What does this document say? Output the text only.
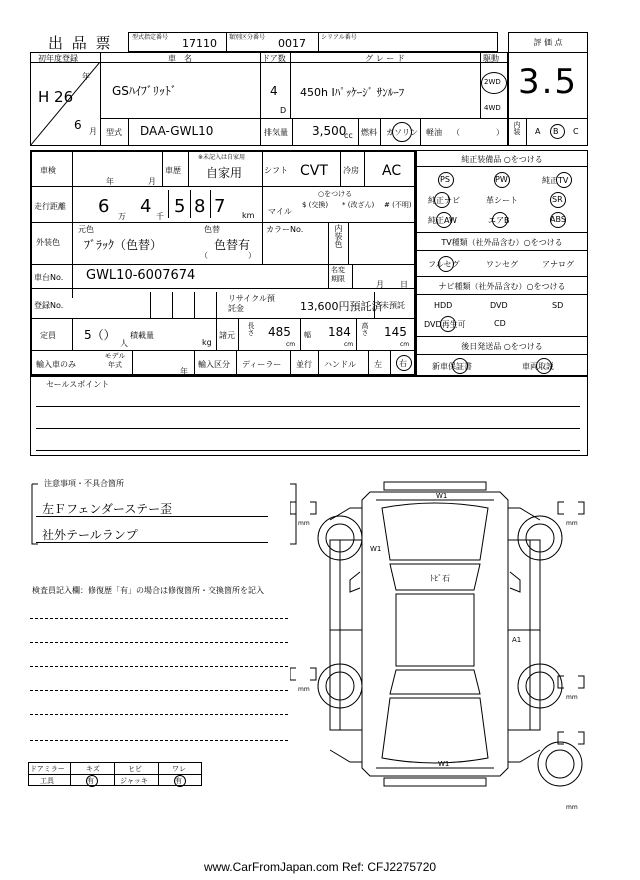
出 品 票	型式指定番号 17110 類別区分番号 0017	シリアル番号
評 価 点
3.5
内装 A B C
初年度登録
H 26
年
6 月
車　名
GSﾊｲﾌﾞﾘｯﾄﾞ
ドア数
4
D
グ レ ー ド
450h Iﾊﾟｯｹｰｼﾞ ｻﾝﾙｰﾌ
駆動
2WD
4WD
型式 DAA-GWL10	排気量 3,500
cc 燃料 ガソリン 軽油 （	）
車検
年	月
車歴
※未記入は自家用
自家用	シフト CVT 冷房 AC
走行距離 6 万 4 千 5 8 7 km マイル
○をつける
$ (交換)	* (改ざん)	# (不明)
外装色
元色
ﾌﾞﾗｯｸ（色替）
色替
色替有
（	）
カラーNo.	内装色
車台No. GWL10-6007674	名変期限
月 日
登録No.
リサイクル預託金	13,600円預託済
未預託
定員 5（）
人
積載量
kg
諸元 長さ 485
cm
幅 184
cm
高さ 145
cm
輸入車のみ
モデル年式
年
輸入区分 ディーラー 並行 ハンドル 左 右
セールスポイント
純正装備品 ○をつける
PS	PW	純正TV
純正ナビ	革シート	SR
純正AW	エアB	ABS
TV種類（社外品含む）○をつける
フルセグ	ワンセグ	アナログ
ナビ種類（社外品含む）○をつける
HDD	DVD	SD
DVD再生可	CD
後日発送品 ○をつける
新車保証書	車両取説
注意事項・不具合箇所
左Ｆフェンダーステー歪
社外テールランプ
検査員記入欄：修復歴「有」の場合は修復箇所・交換箇所を記入
W1
W1
ﾄﾋﾞ石
A1
W1
mm	mm
mm
mm
mm
ドアミラー	キズ	ヒビ	ワレ
工具	有	ジャッキ	有
www.CarFromJapan.com Ref: CFJ2275720
